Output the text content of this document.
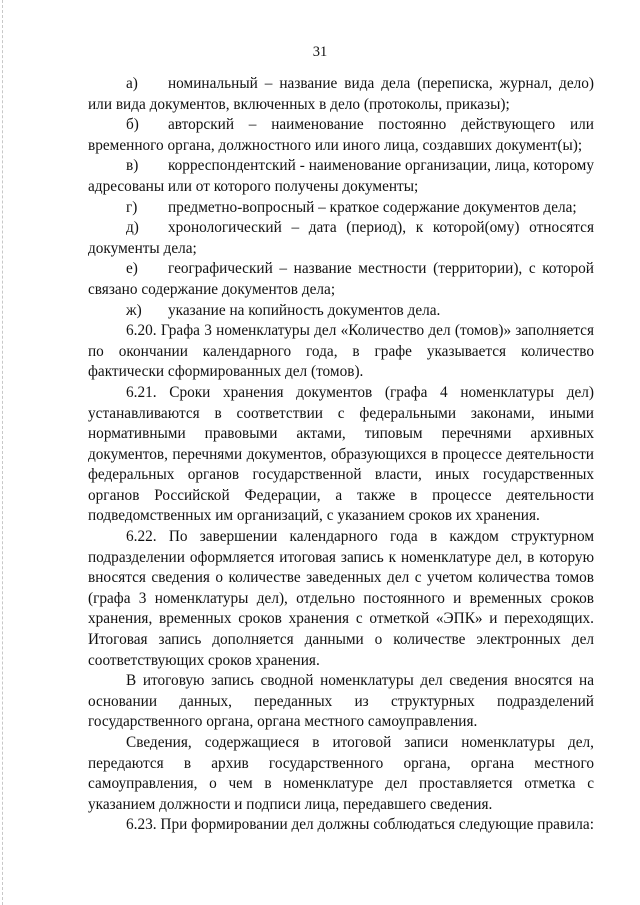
31

а) номинальный – название вида дела (переписка, журнал, дело) или вида документов, включенных в дело (протоколы, приказы);

б) авторский – наименование постоянно действующего или временного органа, должностного или иного лица, создавших документ(ы);

в) корреспондентский - наименование организации, лица, которому адресованы или от которого получены документы;

г) предметно-вопросный – краткое содержание документов дела;

д) хронологический – дата (период), к которой(ому) относятся документы дела;

е) географический – название местности (территории), с которой связано содержание документов дела;

ж) указание на копийность документов дела.

6.20. Графа 3 номенклатуры дел «Количество дел (томов)» заполняется по окончании календарного года, в графе указывается количество фактически сформированных дел (томов).

6.21. Сроки хранения документов (графа 4 номенклатуры дел) устанавливаются в соответствии с федеральными законами, иными нормативными правовыми актами, типовым перечнями архивных документов, перечнями документов, образующихся в процессе деятельности федеральных органов государственной власти, иных государственных органов Российской Федерации, а также в процессе деятельности подведомственных им организаций, с указанием сроков их хранения.

6.22. По завершении календарного года в каждом структурном подразделении оформляется итоговая запись к номенклатуре дел, в которую вносятся сведения о количестве заведенных дел с учетом количества томов (графа 3 номенклатуры дел), отдельно постоянного и временных сроков хранения, временных сроков хранения с отметкой «ЭПК» и переходящих. Итоговая запись дополняется данными о количестве электронных дел соответствующих сроков хранения.

В итоговую запись сводной номенклатуры дел сведения вносятся на основании данных, переданных из структурных подразделений государственного органа, органа местного самоуправления.

Сведения, содержащиеся в итоговой записи номенклатуры дел, передаются в архив государственного органа, органа местного самоуправления, о чем в номенклатуре дел проставляется отметка с указанием должности и подписи лица, передавшего сведения.

6.23. При формировании дел должны соблюдаться следующие правила:
